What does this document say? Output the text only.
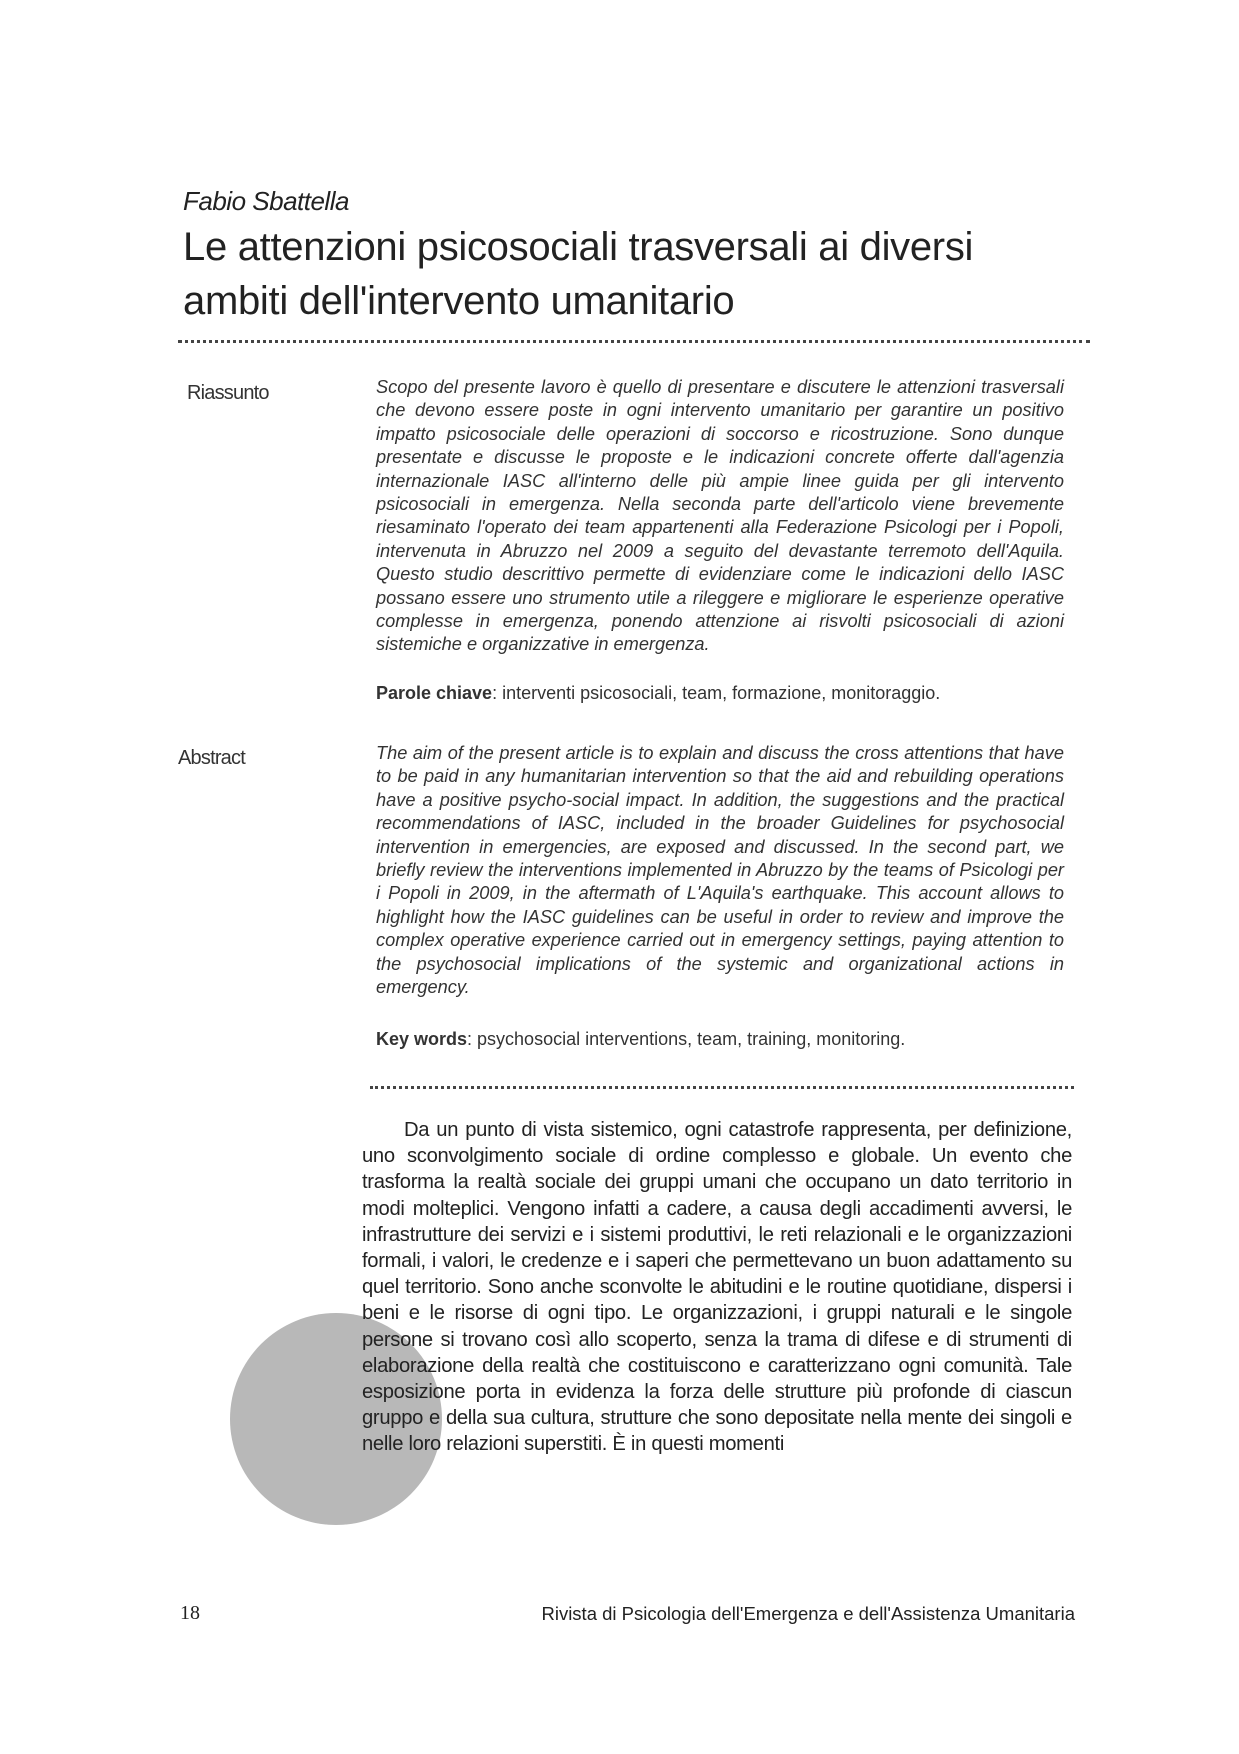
Fabio Sbattella
Le attenzioni psicosociali trasversali ai diversi ambiti dell'intervento umanitario
Riassunto	Scopo del presente lavoro è quello di presentare e discutere le attenzioni trasversali che devono essere poste in ogni intervento umanitario per garantire un positivo impatto psicosociale delle operazioni di soccorso e ricostruzione. Sono dunque presentate e discusse le proposte e le indicazioni concrete offerte dall'agenzia internazionale IASC all'interno delle più ampie linee guida per gli intervento psicosociali in emergenza. Nella seconda parte dell'articolo viene brevemente riesaminato l'operato dei team appartenenti alla Federazione Psicologi per i Popoli, intervenuta in Abruzzo nel 2009 a seguito del devastante terremoto dell'Aquila. Questo studio descrittivo permette di evidenziare come le indicazioni dello IASC possano essere uno strumento utile a rileggere e migliorare le esperienze operative complesse in emergenza, ponendo attenzione ai risvolti psicosociali di azioni sistemiche e organizzative in emergenza.

Parole chiave: interventi psicosociali, team, formazione, monitoraggio.

Abstract	The aim of the present article is to explain and discuss the cross attentions that have to be paid in any humanitarian intervention so that the aid and rebuilding operations have a positive psycho-social impact. In addition, the suggestions and the practical recommendations of IASC, included in the broader Guidelines for psychosocial intervention in emergencies, are exposed and discussed. In the second part, we briefly review the interventions implemented in Abruzzo by the teams of Psicologi per i Popoli in 2009, in the aftermath of L'Aquila's earthquake. This account allows to highlight how the IASC guidelines can be useful in order to review and improve the complex operative experience carried out in emergency settings, paying attention to the psychosocial implications of the systemic and organizational actions in emergency.

Key words: psychosocial interventions, team, training, monitoring.

Da un punto di vista sistemico, ogni catastrofe rappresenta, per definizione, uno sconvolgimento sociale di ordine complesso e globale. Un evento che trasforma la realtà sociale dei gruppi umani che occupano un dato territorio in modi molteplici. Vengono infatti a cadere, a causa degli accadimenti avversi, le infrastrutture dei servizi e i sistemi produttivi, le reti relazionali e le organizzazioni formali, i valori, le credenze e i saperi che permettevano un buon adattamento su quel territorio. Sono anche sconvolte le abitudini e le routine quotidiane, dispersi i beni e le risorse di ogni tipo. Le organizzazioni, i gruppi naturali e le singole persone si trovano così allo scoperto, senza la trama di difese e di strumenti di elaborazione della realtà che costituiscono e caratterizzano ogni comunità. Tale esposizione porta in evidenza la forza delle strutture più profonde di ciascun gruppo e della sua cultura, strutture che sono depositate nella mente dei singoli e nelle loro relazioni superstiti. È in questi momenti

18	Rivista di Psicologia dell'Emergenza e dell'Assistenza Umanitaria
